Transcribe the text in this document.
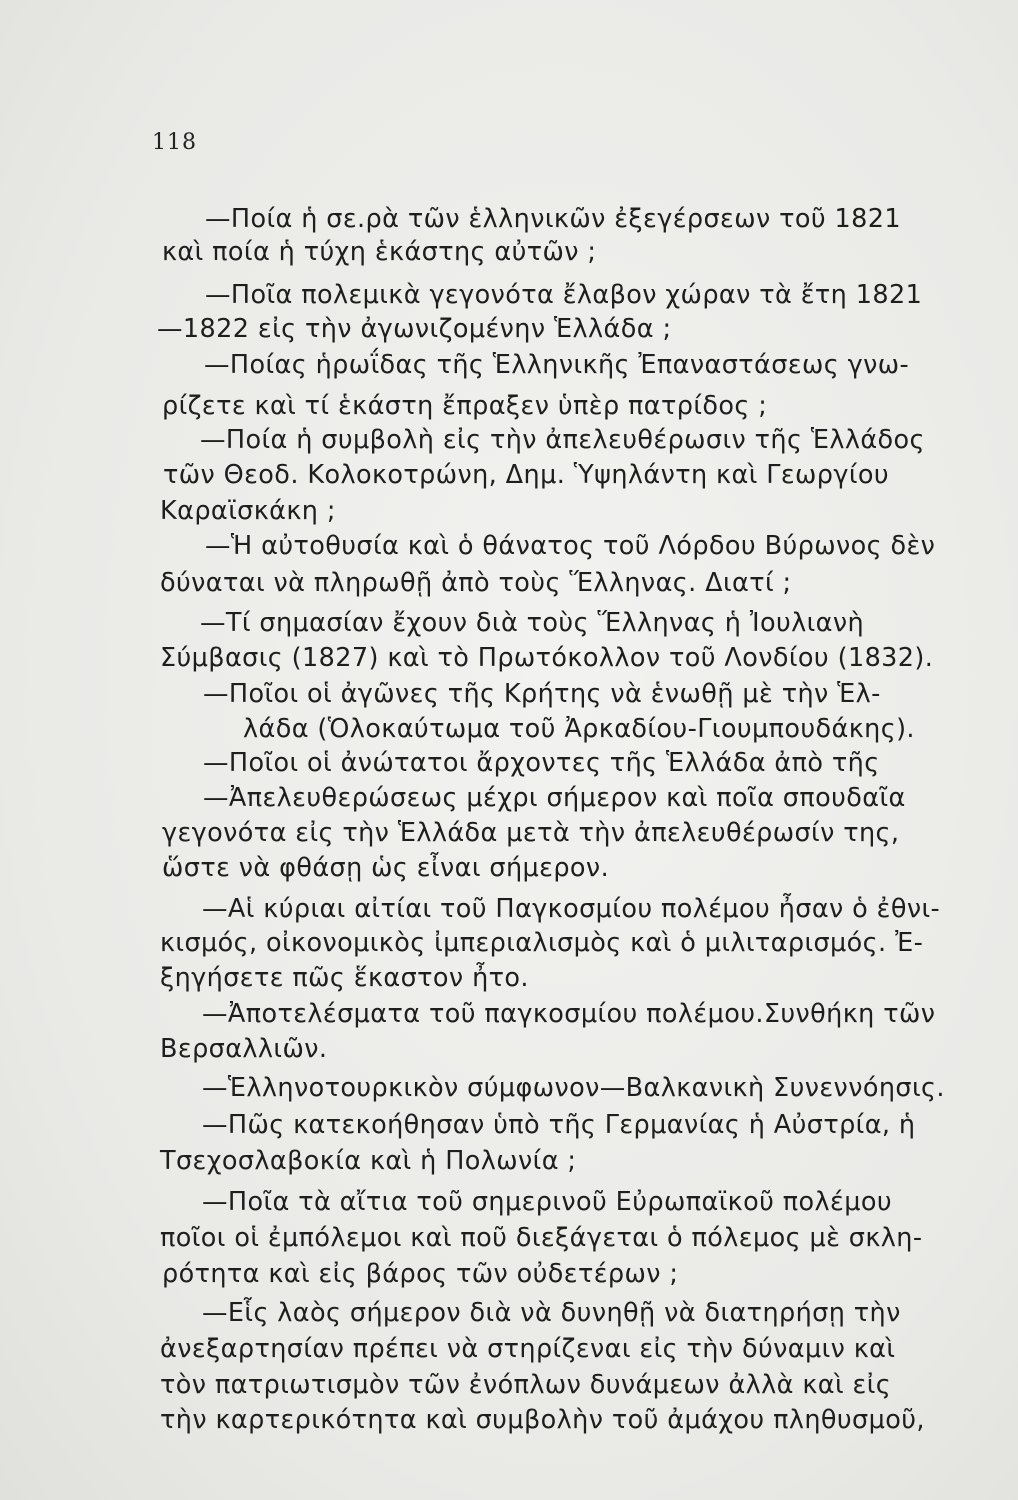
118
—Ποία ἡ σε.ρὰ τῶν ἑλληνικῶν ἐξεγέρσεων τοῦ 1821
καὶ ποία ἡ τύχη ἑκάστης αὐτῶν ;
—Ποῖα πολεμικὰ γεγονότα ἔλαβον χώραν τὰ ἔτη 1821
—1822 εἰς τὴν ἀγωνιζομένην Ἑλλάδα ;
—Ποίας ἡρωΐδας τῆς Ἑλληνικῆς Ἐπαναστάσεως γνω-
ρίζετε καὶ τί ἑκάστη ἔπραξεν ὑπὲρ πατρίδος ;
—Ποία ἡ συμβολὴ εἰς τὴν ἀπελευθέρωσιν τῆς Ἑλλάδος
τῶν Θεοδ. Κολοκοτρώνη, Δημ. Ὑψηλάντη καὶ Γεωργίου
Καραϊσκάκη ;
—Ἡ αὐτοθυσία καὶ ὁ θάνατος τοῦ Λόρδου Βύρωνος δὲν
δύναται νὰ πληρωθῇ ἀπὸ τοὺς Ἕλληνας. Διατί ;
—Τί σημασίαν ἔχουν διὰ τοὺς Ἕλληνας ἡ Ἰουλιανὴ
Σύμβασις (1827) καὶ τὸ Πρωτόκολλον τοῦ Λονδίου (1832).
—Ποῖοι οἱ ἀγῶνες τῆς Κρήτης νὰ ἑνωθῇ μὲ τὴν Ἑλ-
λάδα (Ὁλοκαύτωμα τοῦ Ἀρκαδίου-Γιουμπουδάκης).
—Ποῖοι οἱ ἀνώτατοι ἄρχοντες τῆς Ἑλλάδα ἀπὸ τῆς
—Ἀπελευθερώσεως μέχρι σήμερον καὶ ποῖα σπουδαῖα
γεγονότα εἰς τὴν Ἑλλάδα μετὰ τὴν ἀπελευθέρωσίν της,
ὥστε νὰ φθάσῃ ὡς εἶναι σήμερον.
—Αἱ κύριαι αἰτίαι τοῦ Παγκοσμίου πολέμου ἦσαν ὁ ἐθνι-
κισμός, οἰκονομικὸς ἰμπεριαλισμὸς καὶ ὁ μιλιταρισμός. Ἐ-
ξηγήσετε πῶς ἕκαστον ἦτο.
—Ἀποτελέσματα τοῦ παγκοσμίου πολέμου.Συνθήκη τῶν
Βερσαλλιῶν.
—Ἑλληνοτουρκικὸν σύμφωνον—Βαλκανικὴ Συνεννόησις.
—Πῶς κατεκοήθησαν ὑπὸ τῆς Γερμανίας ἡ Αὐστρία, ἡ
Τσεχοσλαβοκία καὶ ἡ Πολωνία ;
—Ποῖα τὰ αἴτια τοῦ σημερινοῦ Εὐρωπαϊκοῦ πολέμου
ποῖοι οἱ ἐμπόλεμοι καὶ ποῦ διεξάγεται ὁ πόλεμος μὲ σκλη-
ρότητα καὶ εἰς βάρος τῶν οὐδετέρων ;
—Εἷς λαὸς σήμερον διὰ νὰ δυνηθῇ νὰ διατηρήσῃ τὴν
ἀνεξαρτησίαν πρέπει νὰ στηρίζεναι εἰς τὴν δύναμιν καὶ
τὸν πατριωτισμὸν τῶν ἐνόπλων δυνάμεων ἀλλὰ καὶ εἰς
τὴν καρτερικότητα καὶ συμβολὴν τοῦ ἀμάχου πληθυσμοῦ,
